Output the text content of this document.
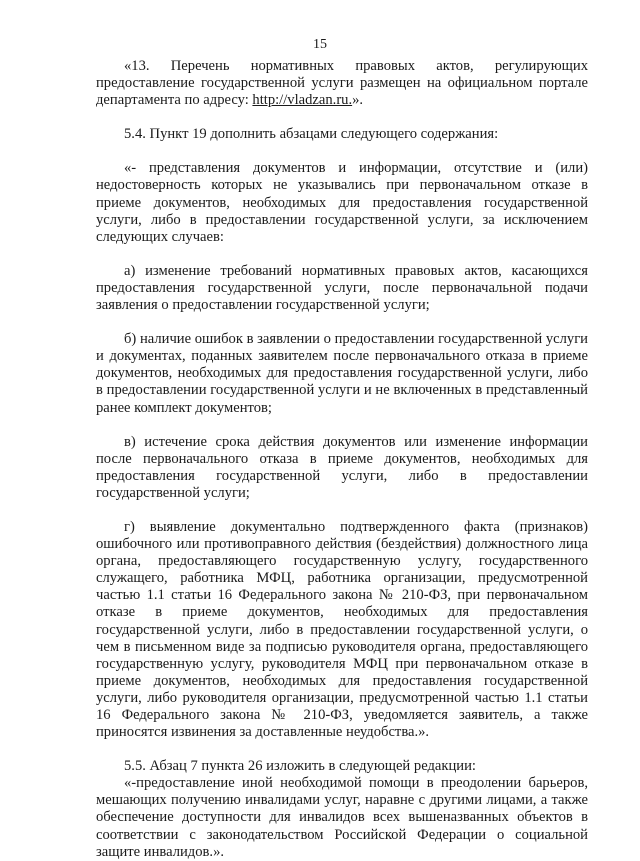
15

«13. Перечень нормативных правовых актов, регулирующих предоставление государственной услуги размещен на официальном портале департамента по адресу: http://vladzan.ru.».

5.4. Пункт 19 дополнить абзацами следующего содержания:

«- представления документов и информации, отсутствие и (или) недостоверность которых не указывались при первоначальном отказе в приеме документов, необходимых для предоставления государственной услуги, либо в предоставлении государственной услуги, за исключением следующих случаев:

а) изменение требований нормативных правовых актов, касающихся предоставления государственной услуги, после первоначальной подачи заявления о предоставлении государственной услуги;

б) наличие ошибок в заявлении о предоставлении государственной услуги и документах, поданных заявителем после первоначального отказа в приеме документов, необходимых для предоставления государственной услуги, либо в предоставлении государственной услуги и не включенных в представленный ранее комплект документов;

в) истечение срока действия документов или изменение информации после первоначального отказа в приеме документов, необходимых для предоставления государственной услуги, либо в предоставлении государственной услуги;

г) выявление документально подтвержденного факта (признаков) ошибочного или противоправного действия (бездействия) должностного лица органа, предоставляющего государственную услугу, государственного служащего, работника МФЦ, работника организации, предусмотренной частью 1.1 статьи 16 Федерального закона № 210-ФЗ, при первоначальном отказе в приеме документов, необходимых для предоставления государственной услуги, либо в предоставлении государственной услуги, о чем в письменном виде за подписью руководителя органа, предоставляющего государственную услугу, руководителя МФЦ при первоначальном отказе в приеме документов, необходимых для предоставления государственной услуги, либо руководителя организации, предусмотренной частью 1.1 статьи 16 Федерального закона № 210-ФЗ, уведомляется заявитель, а также приносятся извинения за доставленные неудобства.».

5.5. Абзац 7 пункта 26 изложить в следующей редакции:

«-предоставление иной необходимой помощи в преодолении барьеров, мешающих получению инвалидами услуг, наравне с другими лицами, а также обеспечение доступности для инвалидов всех вышеназванных объектов в соответствии с законодательством Российской Федерации о социальной защите инвалидов.».
